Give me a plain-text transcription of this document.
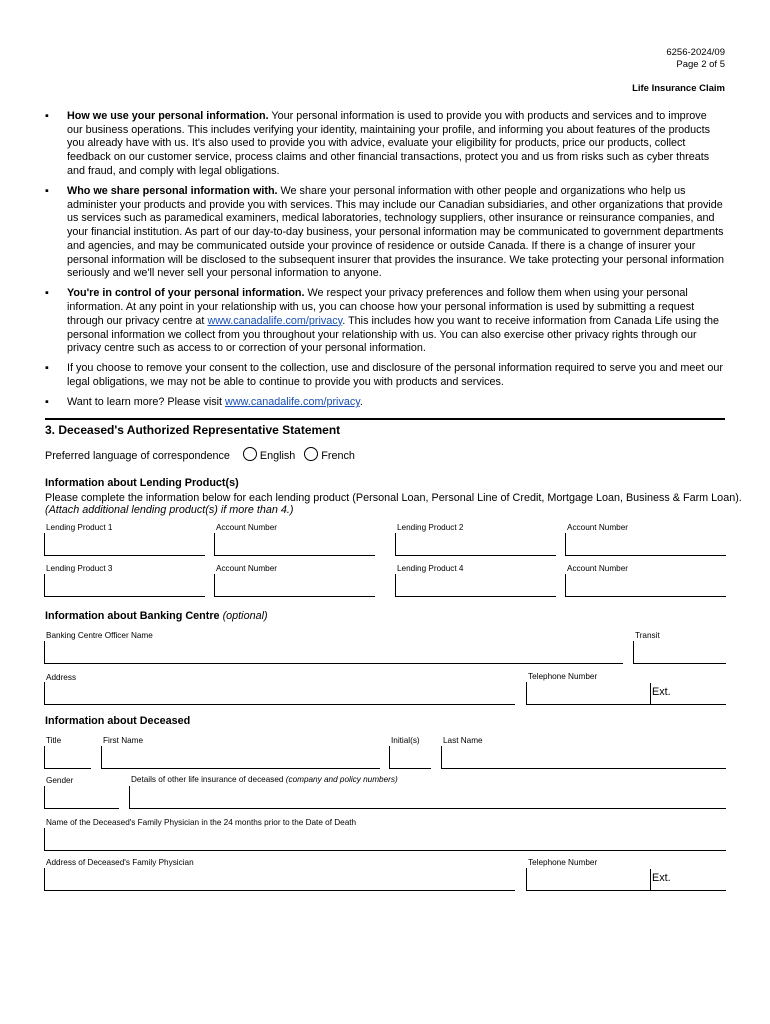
6256-2024/09
Page 2 of 5
Life Insurance Claim
▪ How we use your personal information. Your personal information is used to provide you with products and services and to improve our business operations. This includes verifying your identity, maintaining your profile, and informing you about features of the products you already have with us. It's also used to provide you with advice, evaluate your eligibility for products, price our products, collect feedback on our customer service, process claims and other financial transactions, protect you and us from risks such as cyber threats and fraud, and comply with legal obligations.
▪ Who we share personal information with. We share your personal information with other people and organizations who help us administer your products and provide you with services. This may include our Canadian subsidiaries, and other organizations that provide us services such as paramedical examiners, medical laboratories, technology suppliers, other insurance or reinsurance companies, and your financial institution. As part of our day-to-day business, your personal information may be communicated to government departments and agencies, and may be communicated outside your province of residence or outside Canada. If there is a change of insurer your personal information will be disclosed to the subsequent insurer that provides the insurance. We take protecting your personal information seriously and we'll never sell your personal information to anyone.
▪ You're in control of your personal information. We respect your privacy preferences and follow them when using your personal information. At any point in your relationship with us, you can choose how your personal information is used by submitting a request through our privacy centre at www.canadalife.com/privacy. This includes how you want to receive information from Canada Life using the personal information we collect from you throughout your relationship with us. You can also exercise other privacy rights through our privacy centre such as access to or correction of your personal information.
▪ If you choose to remove your consent to the collection, use and disclosure of the personal information required to serve you and meet our legal obligations, we may not be able to continue to provide you with products and services.
▪ Want to learn more? Please visit www.canadalife.com/privacy.
3. Deceased's Authorized Representative Statement
Preferred language of correspondence	English French
Information about Lending Product(s)
Please complete the information below for each lending product (Personal Loan, Personal Line of Credit, Mortgage Loan, Business & Farm Loan).
(Attach additional lending product(s) if more than 4.)
Lending Product 1	Account Number	Lending Product 2	Account Number
Lending Product 3	Account Number	Lending Product 4	Account Number
Information about Banking Centre (optional)
Banking Centre Officer Name	Transit
Address	Telephone Number
Ext.
Information about Deceased
Title	First Name	Initial(s)	Last Name
Gender	Details of other life insurance of deceased (company and policy numbers)
Name of the Deceased's Family Physician in the 24 months prior to the Date of Death
Address of Deceased's Family Physician	Telephone Number
Ext.
